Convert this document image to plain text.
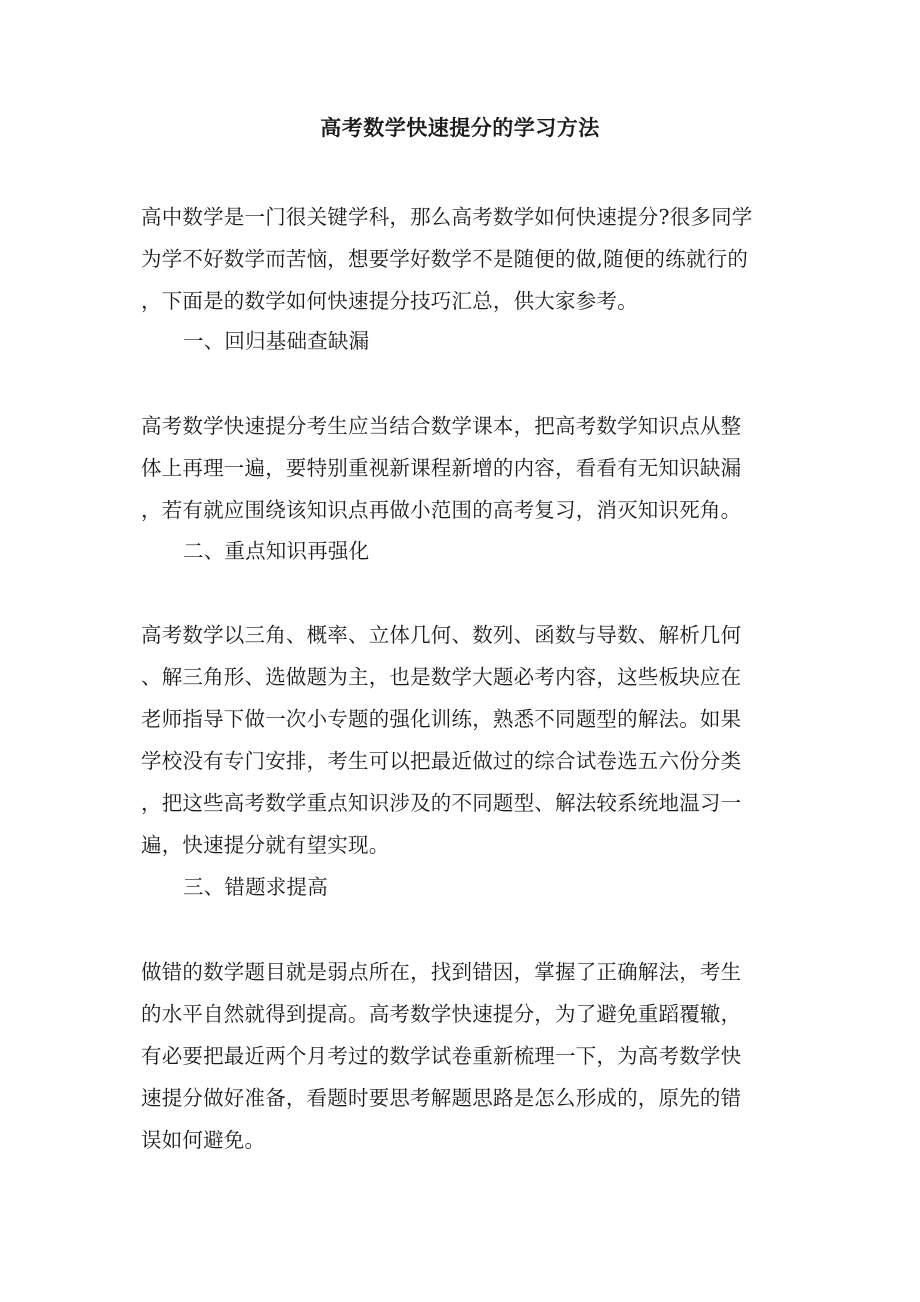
高考数学快速提分的学习方法
高中数学是一门很关键学科，那么高考数学如何快速提分?很多同学
为学不好数学而苦恼，想要学好数学不是随便的做,随便的练就行的
，下面是的数学如何快速提分技巧汇总，供大家参考。
一、回归基础查缺漏
高考数学快速提分考生应当结合数学课本，把高考数学知识点从整
体上再理一遍，要特别重视新课程新增的内容，看看有无知识缺漏
，若有就应围绕该知识点再做小范围的高考复习，消灭知识死角。
二、重点知识再强化
高考数学以三角、概率、立体几何、数列、函数与导数、解析几何
、解三角形、选做题为主，也是数学大题必考内容，这些板块应在
老师指导下做一次小专题的强化训练，熟悉不同题型的解法。如果
学校没有专门安排，考生可以把最近做过的综合试卷选五六份分类
，把这些高考数学重点知识涉及的不同题型、解法较系统地温习一
遍，快速提分就有望实现。
三、错题求提高
做错的数学题目就是弱点所在，找到错因，掌握了正确解法，考生
的水平自然就得到提高。高考数学快速提分，为了避免重蹈覆辙，
有必要把最近两个月考过的数学试卷重新梳理一下，为高考数学快
速提分做好准备，看题时要思考解题思路是怎么形成的，原先的错
误如何避免。
